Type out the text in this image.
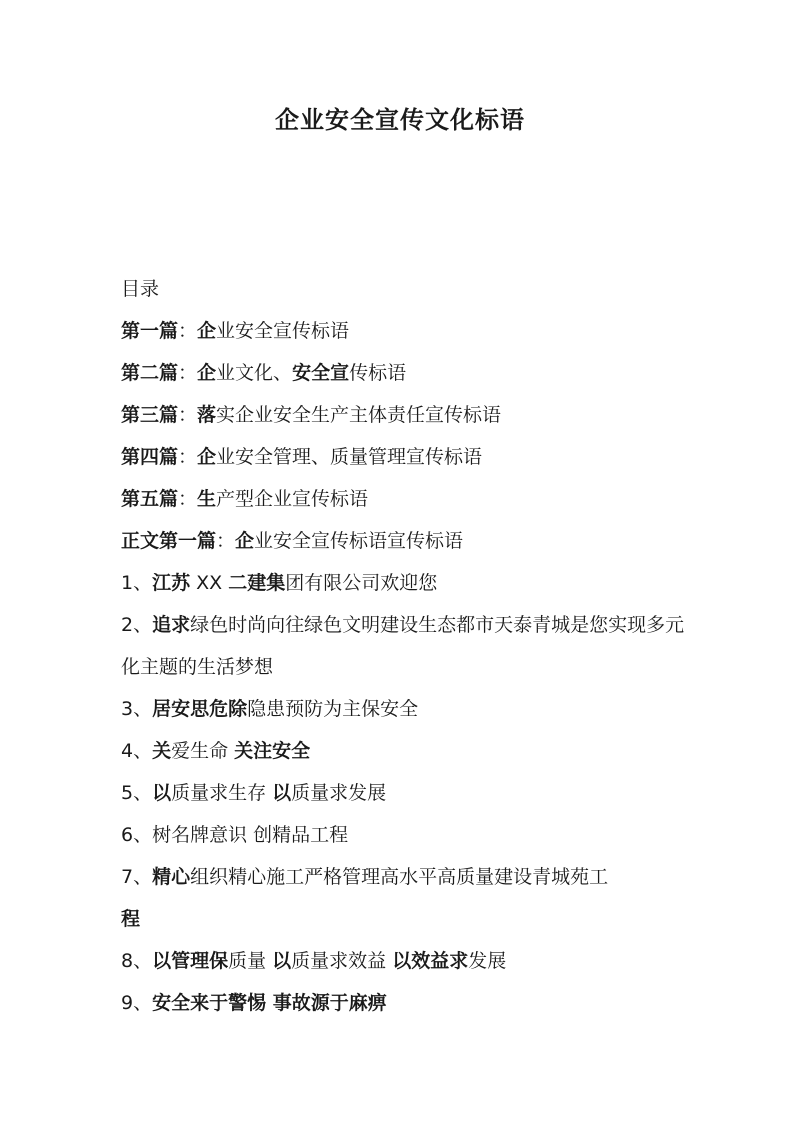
企业安全宣传文化标语

目录

第一篇：企业安全宣传标语

第二篇：企业文化、安全宣传标语

第三篇：落实企业安全生产主体责任宣传标语

第四篇：企业安全管理、质量管理宣传标语

第五篇：生产型企业宣传标语

正文第一篇：企业安全宣传标语宣传标语

1、江苏 XX 二建集团有限公司欢迎您

2、追求绿色时尚向往绿色文明建设生态都市天泰青城是您实现多元化主题的生活梦想

3、居安思危除隐患预防为主保安全

4、关爱生命 关注安全

5、以质量求生存 以质量求发展

6、树名牌意识 创精品工程

7、精心组织精心施工严格管理高水平高质量建设青城苑工
程

8、以管理保质量 以质量求效益 以效益求发展

9、安全来于警惕 事故源于麻痹
